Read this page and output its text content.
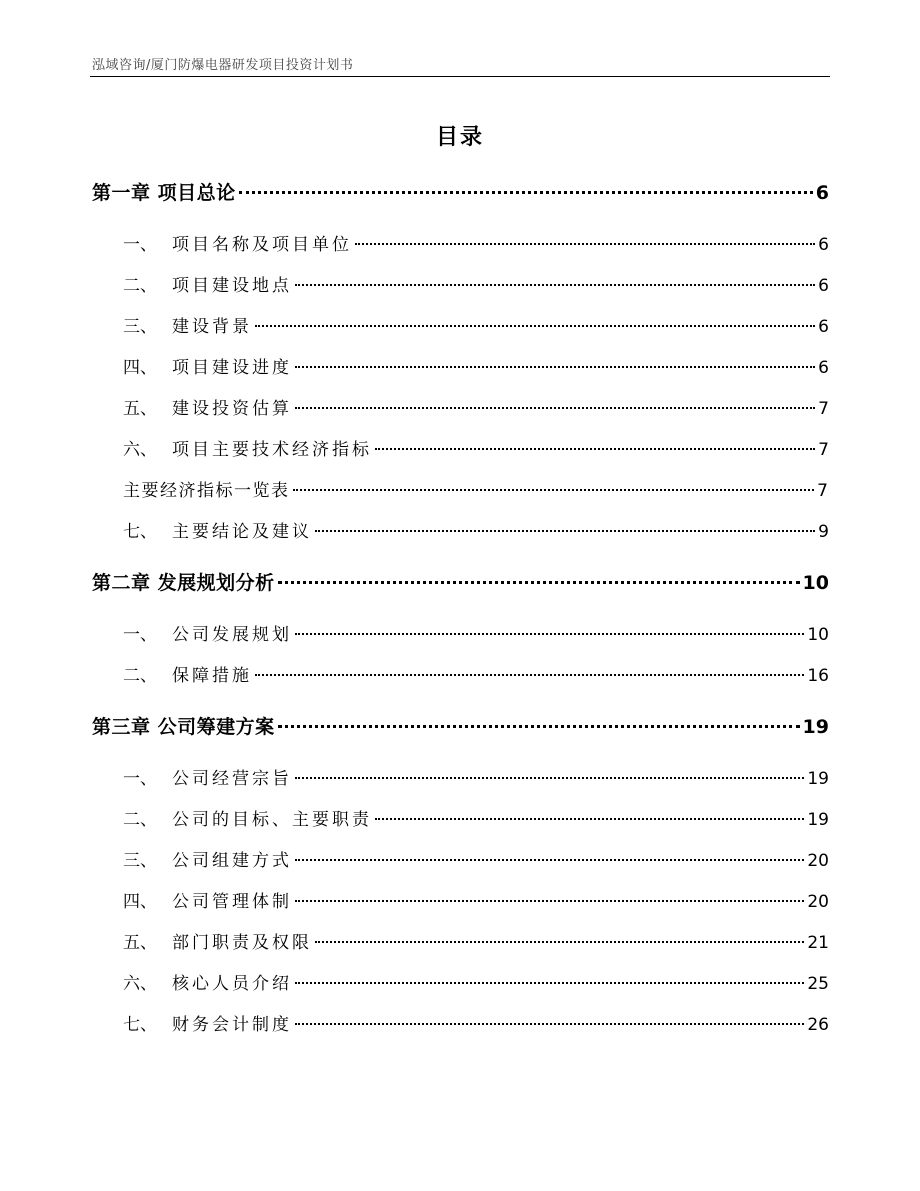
泓域咨询/厦门防爆电器研发项目投资计划书
目录
第一章 项目总论	6
一、 项目名称及项目单位	6
二、 项目建设地点	6
三、 建设背景	6
四、 项目建设进度	6
五、 建设投资估算	7
六、 项目主要技术经济指标	7
主要经济指标一览表	7
七、 主要结论及建议	9
第二章 发展规划分析	10
一、 公司发展规划	10
二、 保障措施	16
第三章 公司筹建方案	19
一、 公司经营宗旨	19
二、 公司的目标、主要职责	19
三、 公司组建方式	20
四、 公司管理体制	20
五、 部门职责及权限	21
六、 核心人员介绍	25
七、 财务会计制度	26
